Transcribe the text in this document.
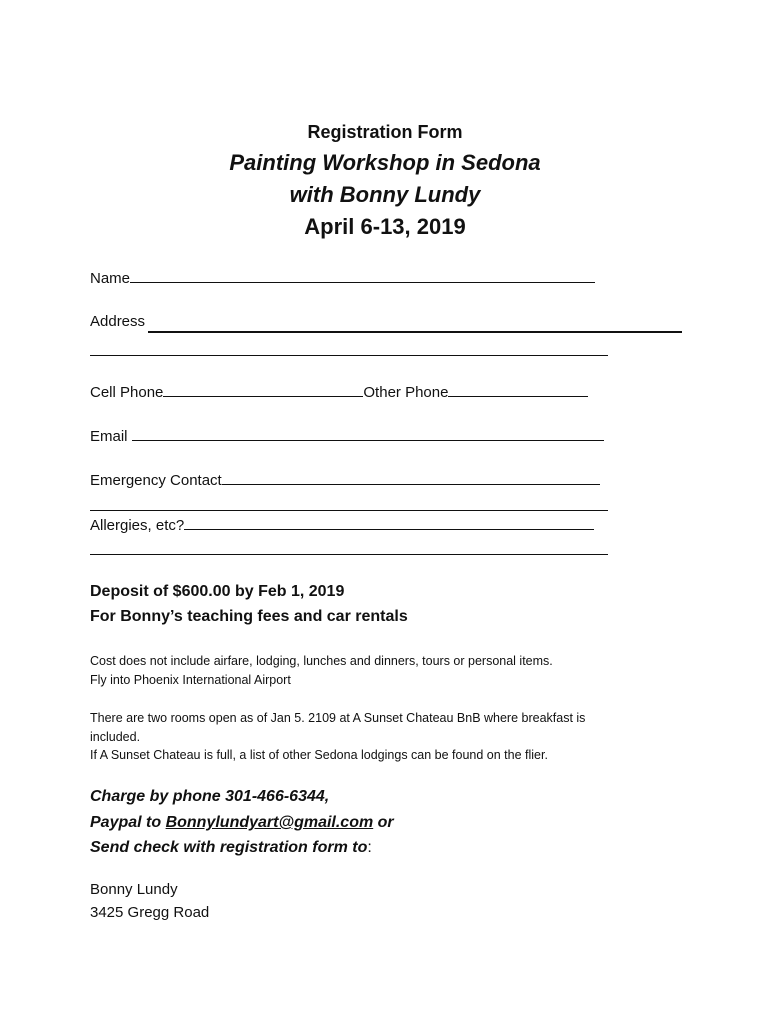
Registration Form
Painting Workshop in Sedona
with Bonny Lundy
April 6-13, 2019
Name
Address
Cell Phone	Other Phone
Email
Emergency Contact
Allergies, etc?
Deposit of $600.00 by Feb 1, 2019
For Bonny’s teaching fees and car rentals
Cost does not include airfare, lodging, lunches and dinners, tours or personal items.
Fly into Phoenix International Airport
There are two rooms open as of Jan 5. 2109 at A Sunset Chateau BnB where breakfast is
included.
If A Sunset Chateau is full, a list of other Sedona lodgings can be found on the flier.
Charge by phone 301-466-6344,
Paypal to Bonnylundyart@gmail.com or
Send check with registration form to:
Bonny Lundy
3425 Gregg Road
